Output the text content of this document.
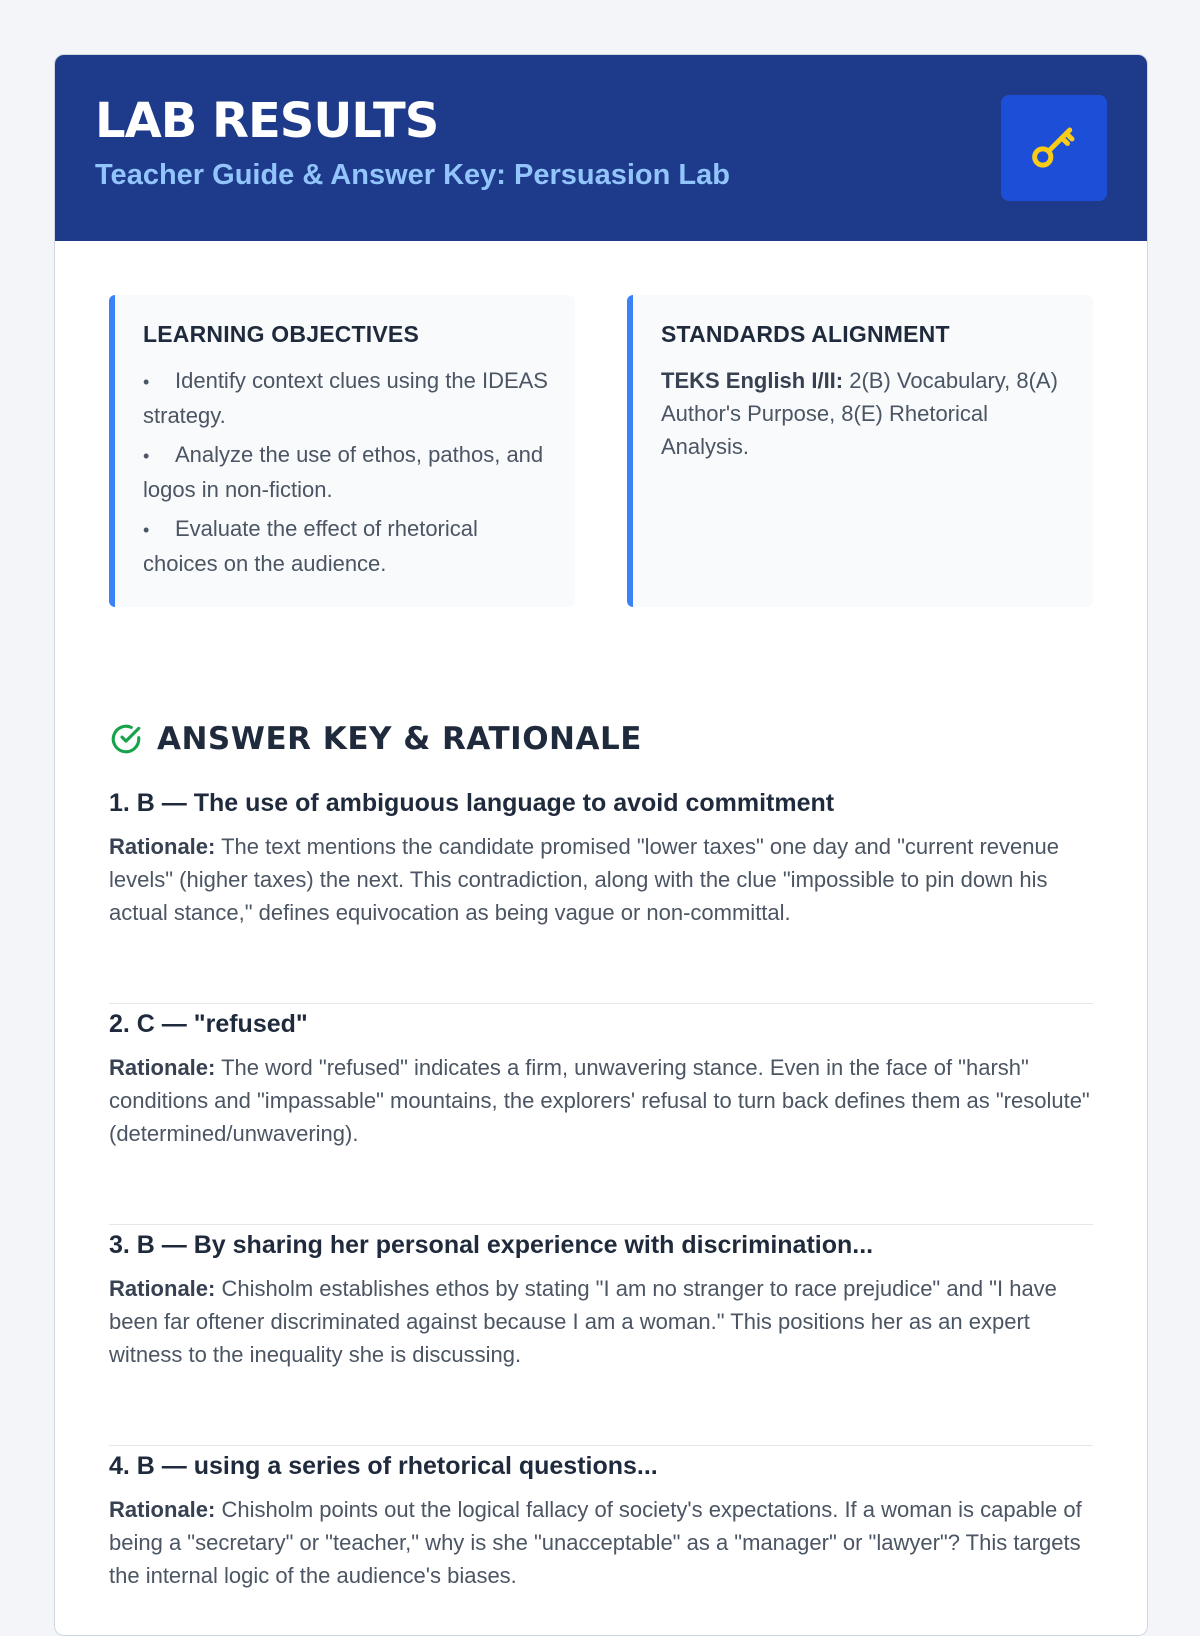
LAB RESULTS
Teacher Guide & Answer Key: Persuasion Lab
LEARNING OBJECTIVES
• Identify context clues using the IDEAS strategy.
• Analyze the use of ethos, pathos, and logos in non-fiction.
• Evaluate the effect of rhetorical choices on the audience.
STANDARDS ALIGNMENT

TEKS English I/II: 2(B) Vocabulary, 8(A) Author's Purpose, 8(E) Rhetorical Analysis.

ANSWER KEY & RATIONALE
1. B — The use of ambiguous language to avoid commitment

Rationale: The text mentions the candidate promised "lower taxes" one day and "current revenue levels" (higher taxes) the next. This contradiction, along with the clue "impossible to pin down his actual stance," defines equivocation as being vague or non-committal.

2. C — "refused"

Rationale: The word "refused" indicates a firm, unwavering stance. Even in the face of "harsh" conditions and "impassable" mountains, the explorers' refusal to turn back defines them as "resolute" (determined/unwavering).

3. B — By sharing her personal experience with discrimination...

Rationale: Chisholm establishes ethos by stating "I am no stranger to race prejudice" and "I have been far oftener discriminated against because I am a woman." This positions her as an expert witness to the inequality she is discussing.

4. B — using a series of rhetorical questions...

Rationale: Chisholm points out the logical fallacy of society's expectations. If a woman is capable of being a "secretary" or "teacher," why is she "unacceptable" as a "manager" or "lawyer"? This targets the internal logic of the audience's biases.
